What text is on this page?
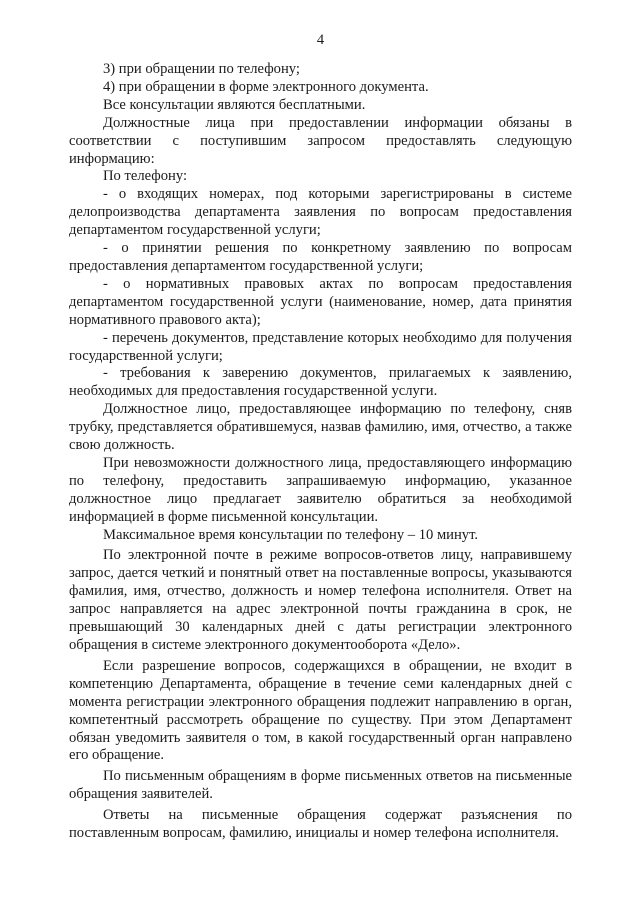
4

3) при обращении по телефону;

4) при обращении в форме электронного документа.

Все консультации являются бесплатными.

Должностные лица при предоставлении информации обязаны в соответствии с поступившим запросом предоставлять следующую информацию:

По телефону:

- о входящих номерах, под которыми зарегистрированы в системе делопроизводства департамента заявления по вопросам предоставления департаментом государственной услуги;

- о принятии решения по конкретному заявлению по вопросам предоставления департаментом государственной услуги;

- о нормативных правовых актах по вопросам предоставления департаментом государственной услуги (наименование, номер, дата принятия нормативного правового акта);

- перечень документов, представление которых необходимо для получения государственной услуги;

- требования к заверению документов, прилагаемых к заявлению, необходимых для предоставления государственной услуги.

Должностное лицо, предоставляющее информацию по телефону, сняв трубку, представляется обратившемуся, назвав фамилию, имя, отчество, а также свою должность.

При невозможности должностного лица, предоставляющего информацию по телефону, предоставить запрашиваемую информацию, указанное должностное лицо предлагает заявителю обратиться за необходимой информацией в форме письменной консультации.

Максимальное время консультации по телефону – 10 минут.

По электронной почте в режиме вопросов-ответов лицу, направившему запрос, дается четкий и понятный ответ на поставленные вопросы, указываются фамилия, имя, отчество, должность и номер телефона исполнителя. Ответ на запрос направляется на адрес электронной почты гражданина в срок, не превышающий 30 календарных дней с даты регистрации электронного обращения в системе электронного документооборота «Дело».

Если разрешение вопросов, содержащихся в обращении, не входит в компетенцию Департамента, обращение в течение семи календарных дней с момента регистрации электронного обращения подлежит направлению в орган, компетентный рассмотреть обращение по существу. При этом Департамент обязан уведомить заявителя о том, в какой государственный орган направлено его обращение.

По письменным обращениям в форме письменных ответов на письменные обращения заявителей.

Ответы на письменные обращения содержат разъяснения по поставленным вопросам, фамилию, инициалы и номер телефона исполнителя.
